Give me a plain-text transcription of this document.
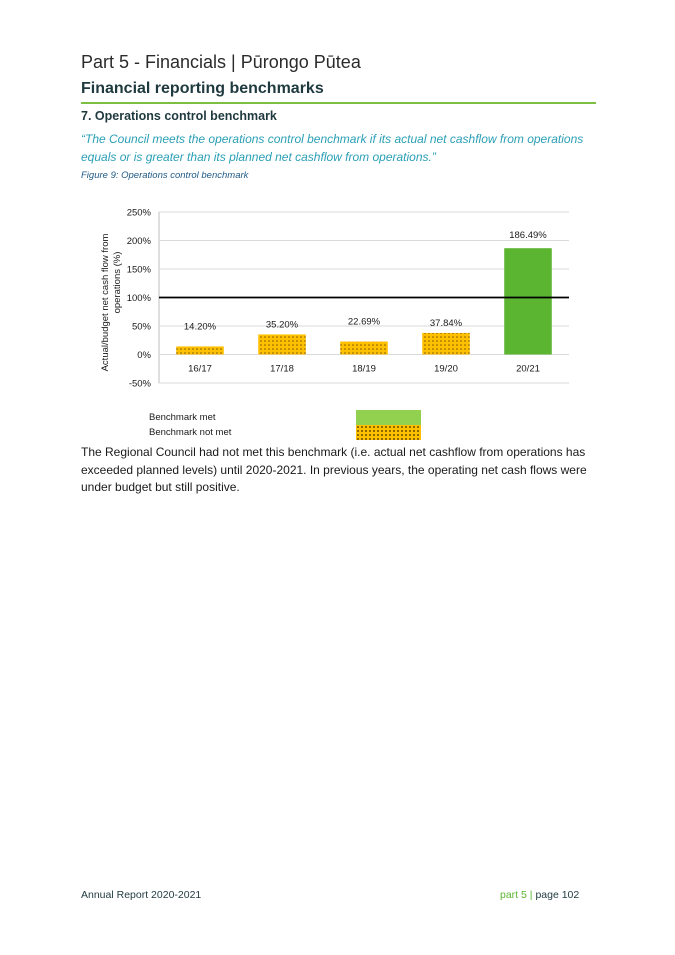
Part 5 - Financials | Pūrongo Pūtea
Financial reporting benchmarks
7. Operations control benchmark
“The Council meets the operations control benchmark if its actual net cashflow from operations equals or is greater than its planned net cashflow from operations.”
Figure 9: Operations control benchmark
-50%
0%
50%
100%
150%
200%
250%
14.20%	35.20%	22.69%	37.84%
186.49%
16/17	17/18	18/19	19/20	20/21
Actual/budget net cash flow from operations (%)
Benchmark met
Benchmark not met
The Regional Council had not met this benchmark (i.e. actual net cashflow from operations has exceeded planned levels) until 2020-2021. In previous years, the operating net cash flows were under budget but still positive.
Annual Report 2020-2021	part 5 | page 102
